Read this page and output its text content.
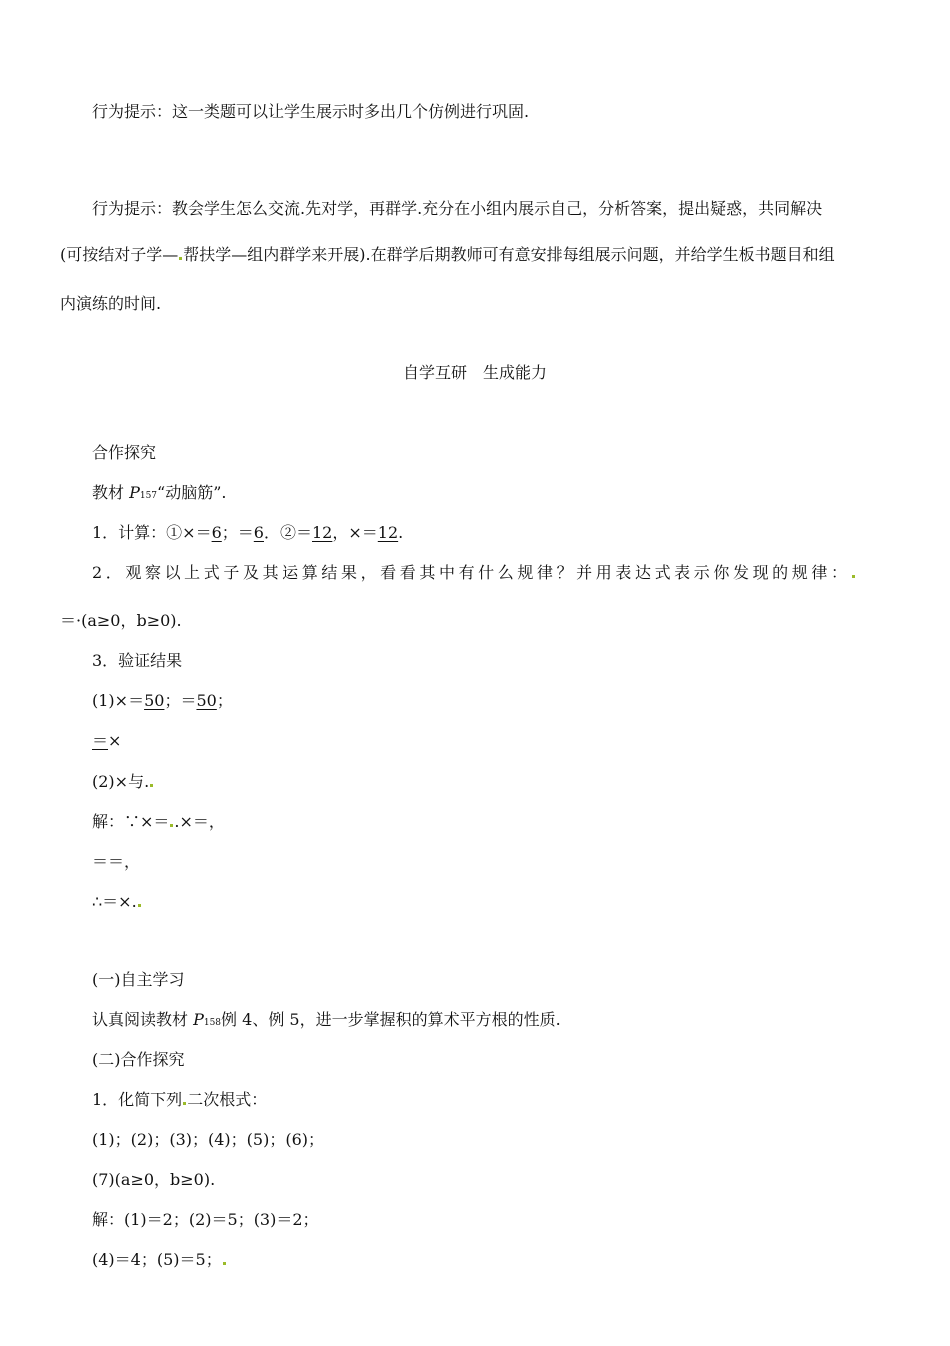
行为提示：这一类题可以让学生展示时多出几个仿例进行巩固.
行为提示：教会学生怎么交流.先对学，再群学.充分在小组内展示自己，分析答案，提出疑惑，共同解决
(可按结对子学— 帮扶学—组内群学来开展).在群学后期教师可有意安排每组展示问题，并给学生板书题目和组
内演练的时间.
自学互研　生成能力
合作探究
教材 P157“动脑筋”.
1．计算：①×＝6；＝6．②＝12，×＝12.
2．观察以上式子及其运算结果，看看其中有什么规律？并用表达式表示你发现的规律：
＝·(a≥0，b≥0).
3．验证结果
(1)×＝50；＝50；
＝×
(2)×与.
解：∵×＝ .×＝，
＝＝，
∴＝×.
(一)自主学习
认真阅读教材 P158例 4、例 5，进一步掌握积的算术平方根的性质.
(二)合作探究
1．化简下列 二次根式：
(1)；(2)；(3)；(4)；(5)；(6)；
(7)(a≥0，b≥0).
解：(1)＝2；(2)＝5；(3)＝2；
(4)＝4；(5)＝5；
